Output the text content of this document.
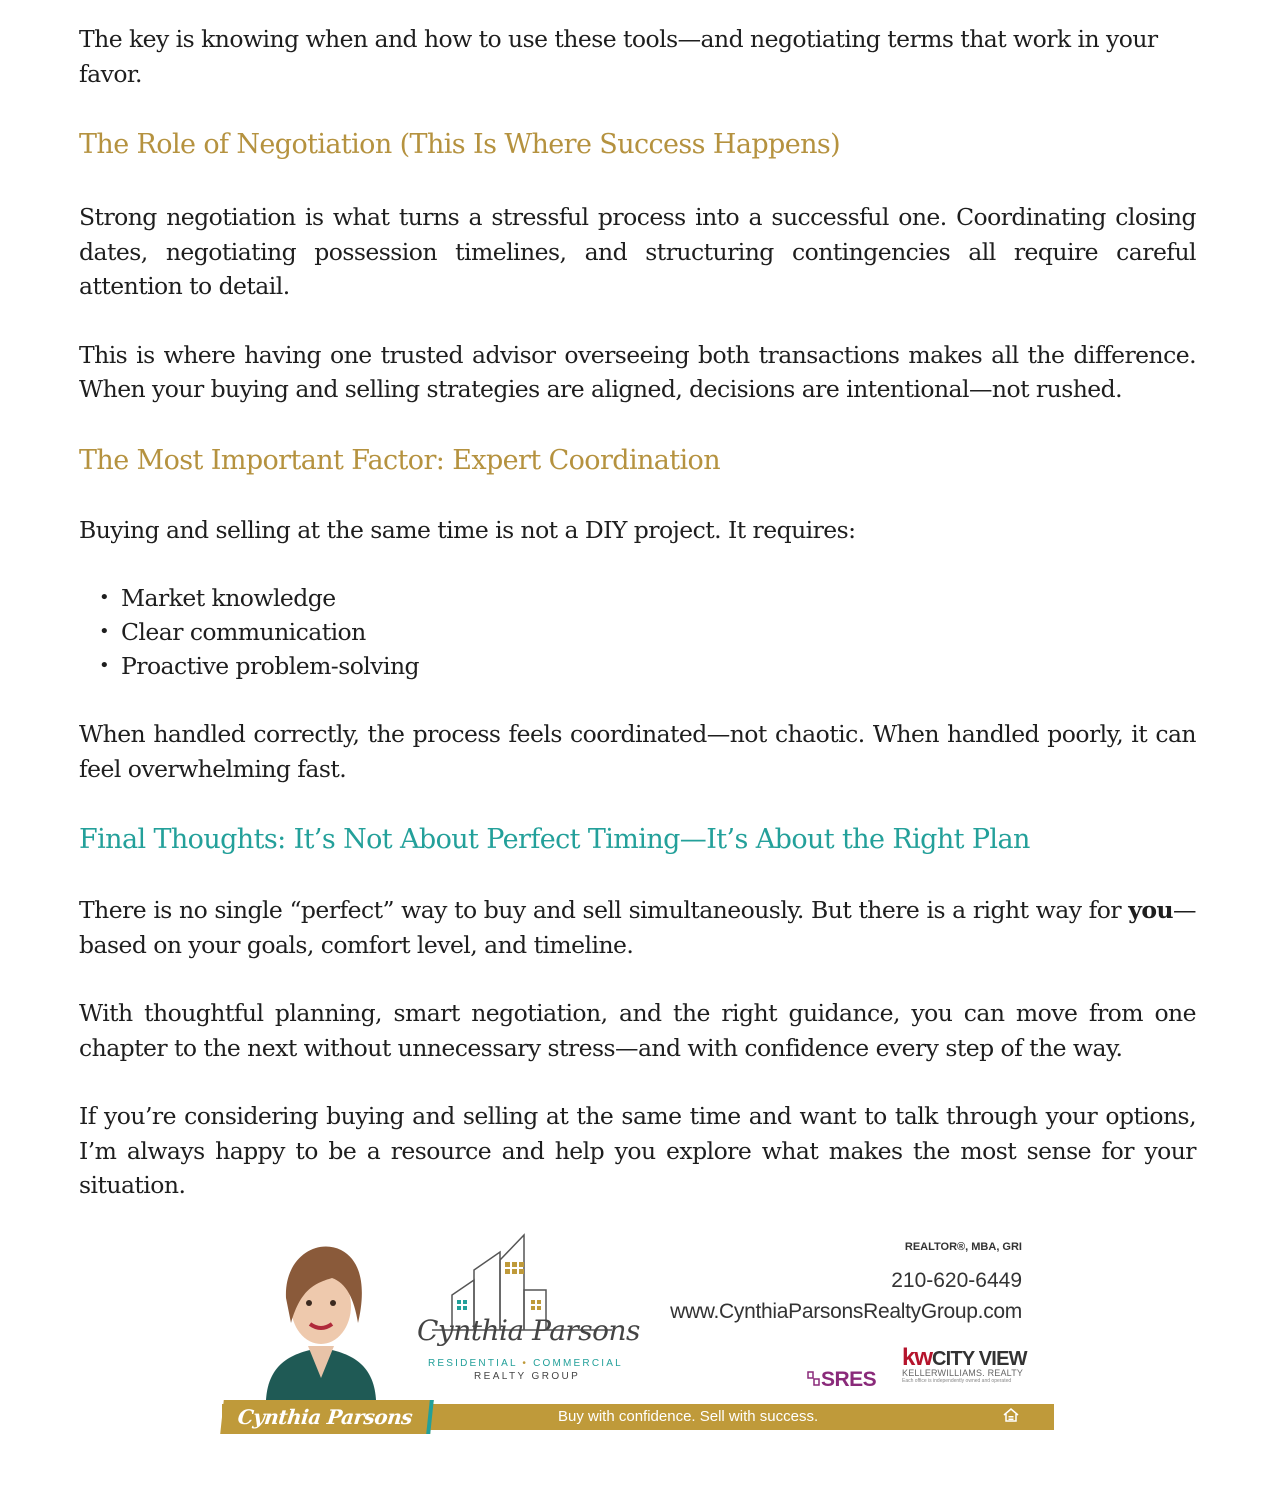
The key is knowing when and how to use these tools—and negotiating terms that work in your favor.

The Role of Negotiation (This Is Where Success Happens)

Strong negotiation is what turns a stressful process into a successful one. Coordinating closing dates, negotiating possession timelines, and structuring contingencies all require careful attention to detail.

This is where having one trusted advisor overseeing both transactions makes all the difference. When your buying and selling strategies are aligned, decisions are intentional—not rushed.

The Most Important Factor: Expert Coordination

Buying and selling at the same time is not a DIY project. It requires:

• Market knowledge
• Clear communication
• Proactive problem-solving

When handled correctly, the process feels coordinated—not chaotic. When handled poorly, it can feel overwhelming fast.

Final Thoughts: It’s Not About Perfect Timing—It’s About the Right Plan

There is no single “perfect” way to buy and sell simultaneously. But there is a right way for you—based on your goals, comfort level, and timeline.

With thoughtful planning, smart negotiation, and the right guidance, you can move from one chapter to the next without unnecessary stress—and with confidence every step of the way.

If you’re considering buying and selling at the same time and want to talk through your options, I’m always happy to be a resource and help you explore what makes the most sense for your situation.

Cynthia Parsons
RESIDENTIAL • COMMERCIAL
REALTY GROUP
REALTOR®, MBA, GRI
210-620-6449
www.CynthiaParsonsRealtyGroup.com
SRES
kwCITY VIEW
KELLERWILLIAMS. REALTY
Each office is independently owned and operated
Cynthia Parsons	Buy with confidence. Sell with success.
